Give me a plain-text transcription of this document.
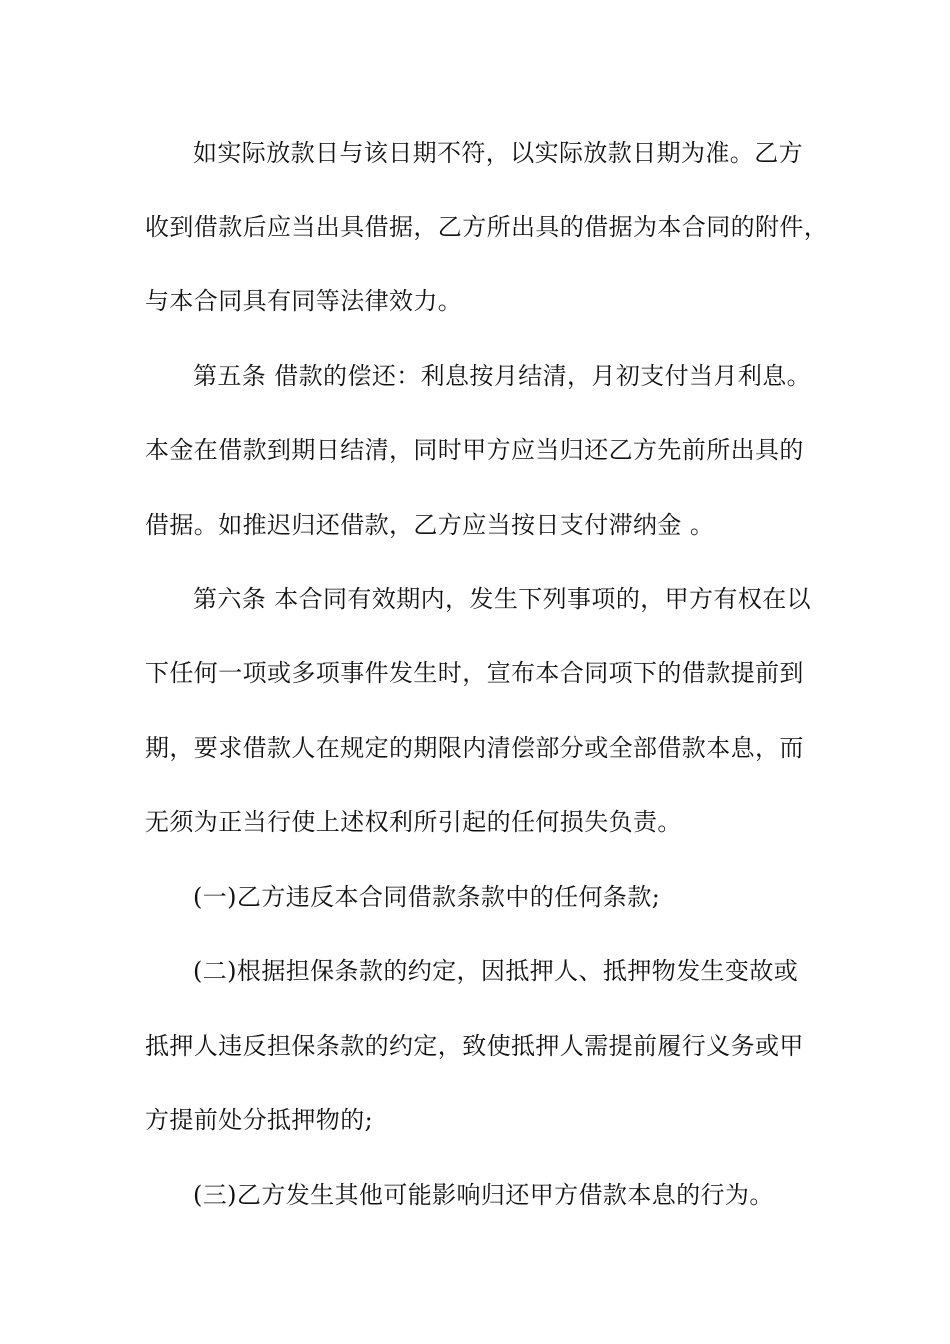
如实际放款日与该日期不符，以实际放款日期为准。乙方

收到借款后应当出具借据，乙方所出具的借据为本合同的附件，

与本合同具有同等法律效力。

第五条 借款的偿还：利息按月结清，月初支付当月利息。

本金在借款到期日结清，同时甲方应当归还乙方先前所出具的

借据。如推迟归还借款，乙方应当按日支付滞纳金 。

第六条 本合同有效期内，发生下列事项的，甲方有权在以

下任何一项或多项事件发生时，宣布本合同项下的借款提前到

期，要求借款人在规定的期限内清偿部分或全部借款本息，而

无须为正当行使上述权利所引起的任何损失负责。

(一)乙方违反本合同借款条款中的任何条款;

(二)根据担保条款的约定，因抵押人、抵押物发生变故或

抵押人违反担保条款的约定，致使抵押人需提前履行义务或甲

方提前处分抵押物的;

(三)乙方发生其他可能影响归还甲方借款本息的行为。
